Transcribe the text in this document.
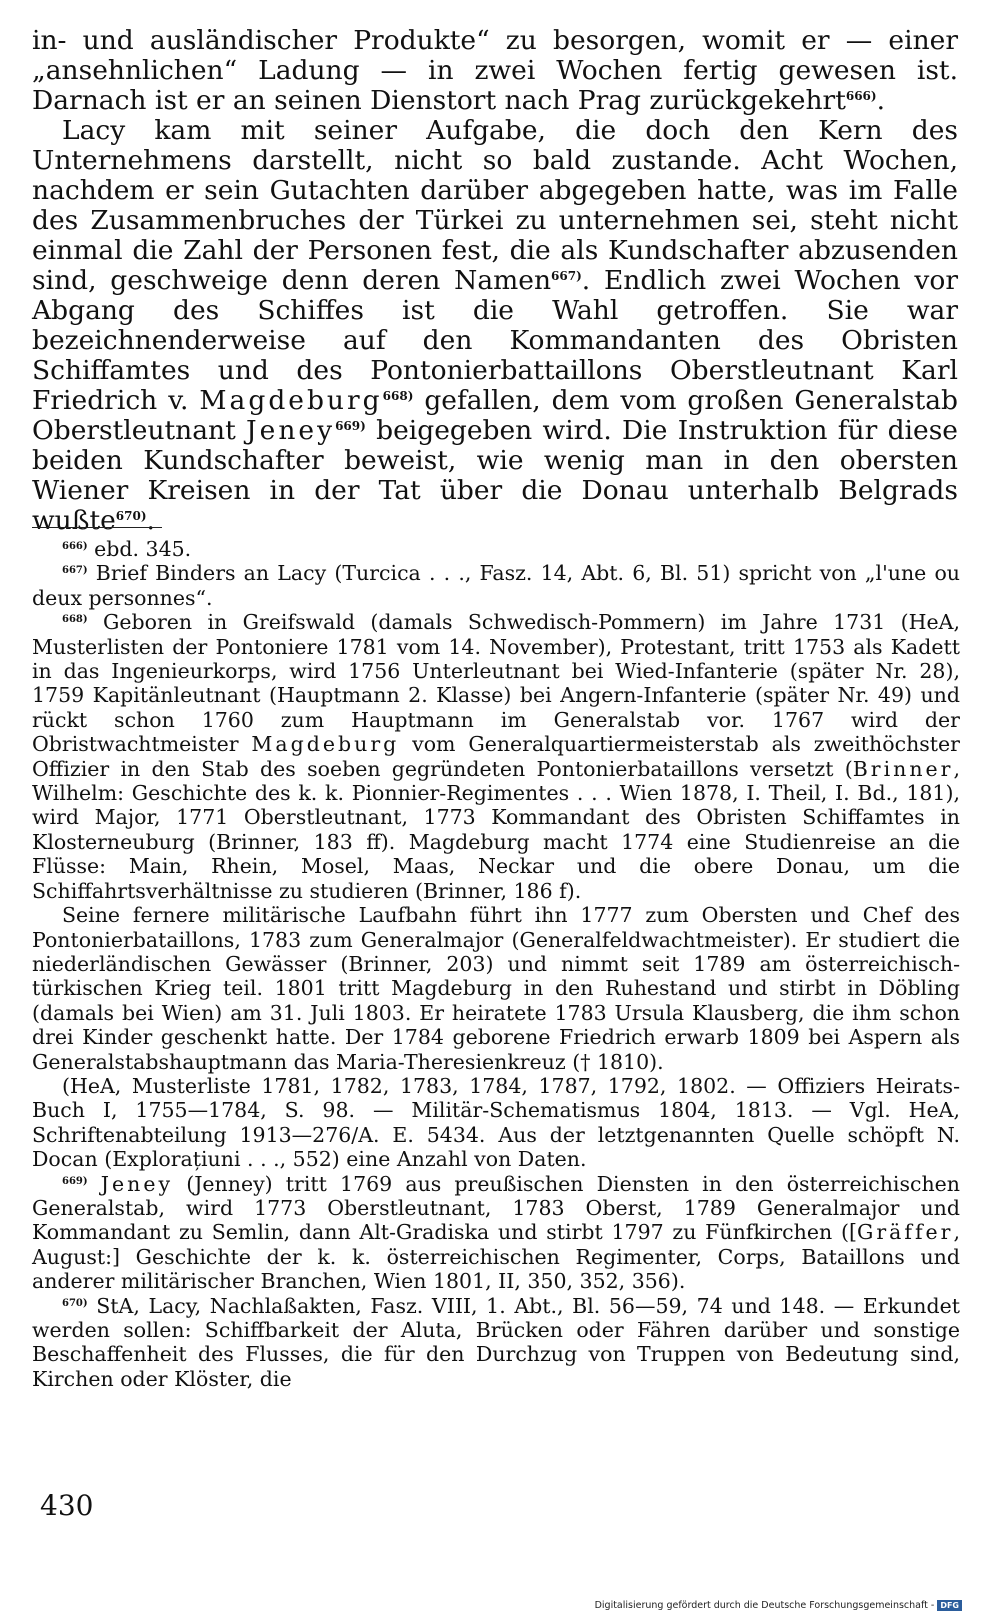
in- und ausländischer Produkte“ zu besorgen, womit er — einer „ansehnlichen“ Ladung — in zwei Wochen fertig gewesen ist. Darnach ist er an seinen Dienstort nach Prag zurückgekehrt$^{666)}$.

Lacy kam mit seiner Aufgabe, die doch den Kern des Unternehmens darstellt, nicht so bald zustande. Acht Wochen, nachdem er sein Gutachten darüber abgegeben hatte, was im Falle des Zusammenbruches der Türkei zu unternehmen sei, steht nicht einmal die Zahl der Personen fest, die als Kundschafter abzusenden sind, geschweige denn deren Namen$^{667)}$. Endlich zwei Wochen vor Abgang des Schiffes ist die Wahl getroffen. Sie war bezeichnenderweise auf den Kommandanten des Obristen Schiffamtes und des Pontonierbattaillons Oberstleutnant Karl Friedrich v. Magdeburg$^{668)}$ gefallen, dem vom großen Generalstab Oberstleutnant Jeney$^{669)}$ beigegeben wird. Die Instruktion für diese beiden Kundschafter beweist, wie wenig man in den obersten Wiener Kreisen in der Tat über die Donau unterhalb Belgrads wußte$^{670)}$.

$^{666)}$ ebd. 345.

$^{667)}$ Brief Binders an Lacy (Turcica . . ., Fasz. 14, Abt. 6, Bl. 51) spricht von „l'une ou deux personnes“.

$^{668)}$ Geboren in Greifswald (damals Schwedisch-Pommern) im Jahre 1731 (HeA, Musterlisten der Pontoniere 1781 vom 14. November), Protestant, tritt 1753 als Kadett in das Ingenieurkorps, wird 1756 Unterleutnant bei Wied-Infanterie (später Nr. 28), 1759 Kapitänleutnant (Hauptmann 2. Klasse) bei Angern-Infanterie (später Nr. 49) und rückt schon 1760 zum Hauptmann im Generalstab vor. 1767 wird der Obristwachtmeister Magdeburg vom Generalquartiermeisterstab als zweithöchster Offizier in den Stab des soeben gegründeten Pontonierbataillons versetzt (Brinner, Wilhelm: Geschichte des k. k. Pionnier-Regimentes . . . Wien 1878, I. Theil, I. Bd., 181), wird Major, 1771 Oberstleutnant, 1773 Kommandant des Obristen Schiffamtes in Klosterneuburg (Brinner, 183 ff). Magdeburg macht 1774 eine Studienreise an die Flüsse: Main, Rhein, Mosel, Maas, Neckar und die obere Donau, um die Schiffahrtsverhältnisse zu studieren (Brinner, 186 f).

Seine fernere militärische Laufbahn führt ihn 1777 zum Obersten und Chef des Pontonierbataillons, 1783 zum Generalmajor (Generalfeldwachtmeister). Er studiert die niederländischen Gewässer (Brinner, 203) und nimmt seit 1789 am österreichisch-türkischen Krieg teil. 1801 tritt Magdeburg in den Ruhestand und stirbt in Döbling (damals bei Wien) am 31. Juli 1803. Er heiratete 1783 Ursula Klausberg, die ihm schon drei Kinder geschenkt hatte. Der 1784 geborene Friedrich erwarb 1809 bei Aspern als Generalstabshauptmann das Maria-Theresienkreuz († 1810).

(HeA, Musterliste 1781, 1782, 1783, 1784, 1787, 1792, 1802. — Offiziers Heirats-Buch I, 1755—1784, S. 98. — Militär-Schematismus 1804, 1813. — Vgl. HeA, Schriftenabteilung 1913—276/A. E. 5434. Aus der letztgenannten Quelle schöpft N. Docan (Explorațiuni . . ., 552) eine Anzahl von Daten.

$^{669)}$ Jeney (Jenney) tritt 1769 aus preußischen Diensten in den österreichischen Generalstab, wird 1773 Oberstleutnant, 1783 Oberst, 1789 Generalmajor und Kommandant zu Semlin, dann Alt-Gradiska und stirbt 1797 zu Fünfkirchen ([Gräffer, August:] Geschichte der k. k. österreichischen Regimenter, Corps, Bataillons und anderer militärischer Branchen, Wien 1801, II, 350, 352, 356).

$^{670)}$ StA, Lacy, Nachlaßakten, Fasz. VIII, 1. Abt., Bl. 56—59, 74 und 148. — Erkundet werden sollen: Schiffbarkeit der Aluta, Brücken oder Fähren darüber und sonstige Beschaffenheit des Flusses, die für den Durchzug von Truppen von Bedeutung sind, Kirchen oder Klöster, die

430
Digitalisierung gefördert durch die Deutsche Forschungsgemeinschaft - DFG
